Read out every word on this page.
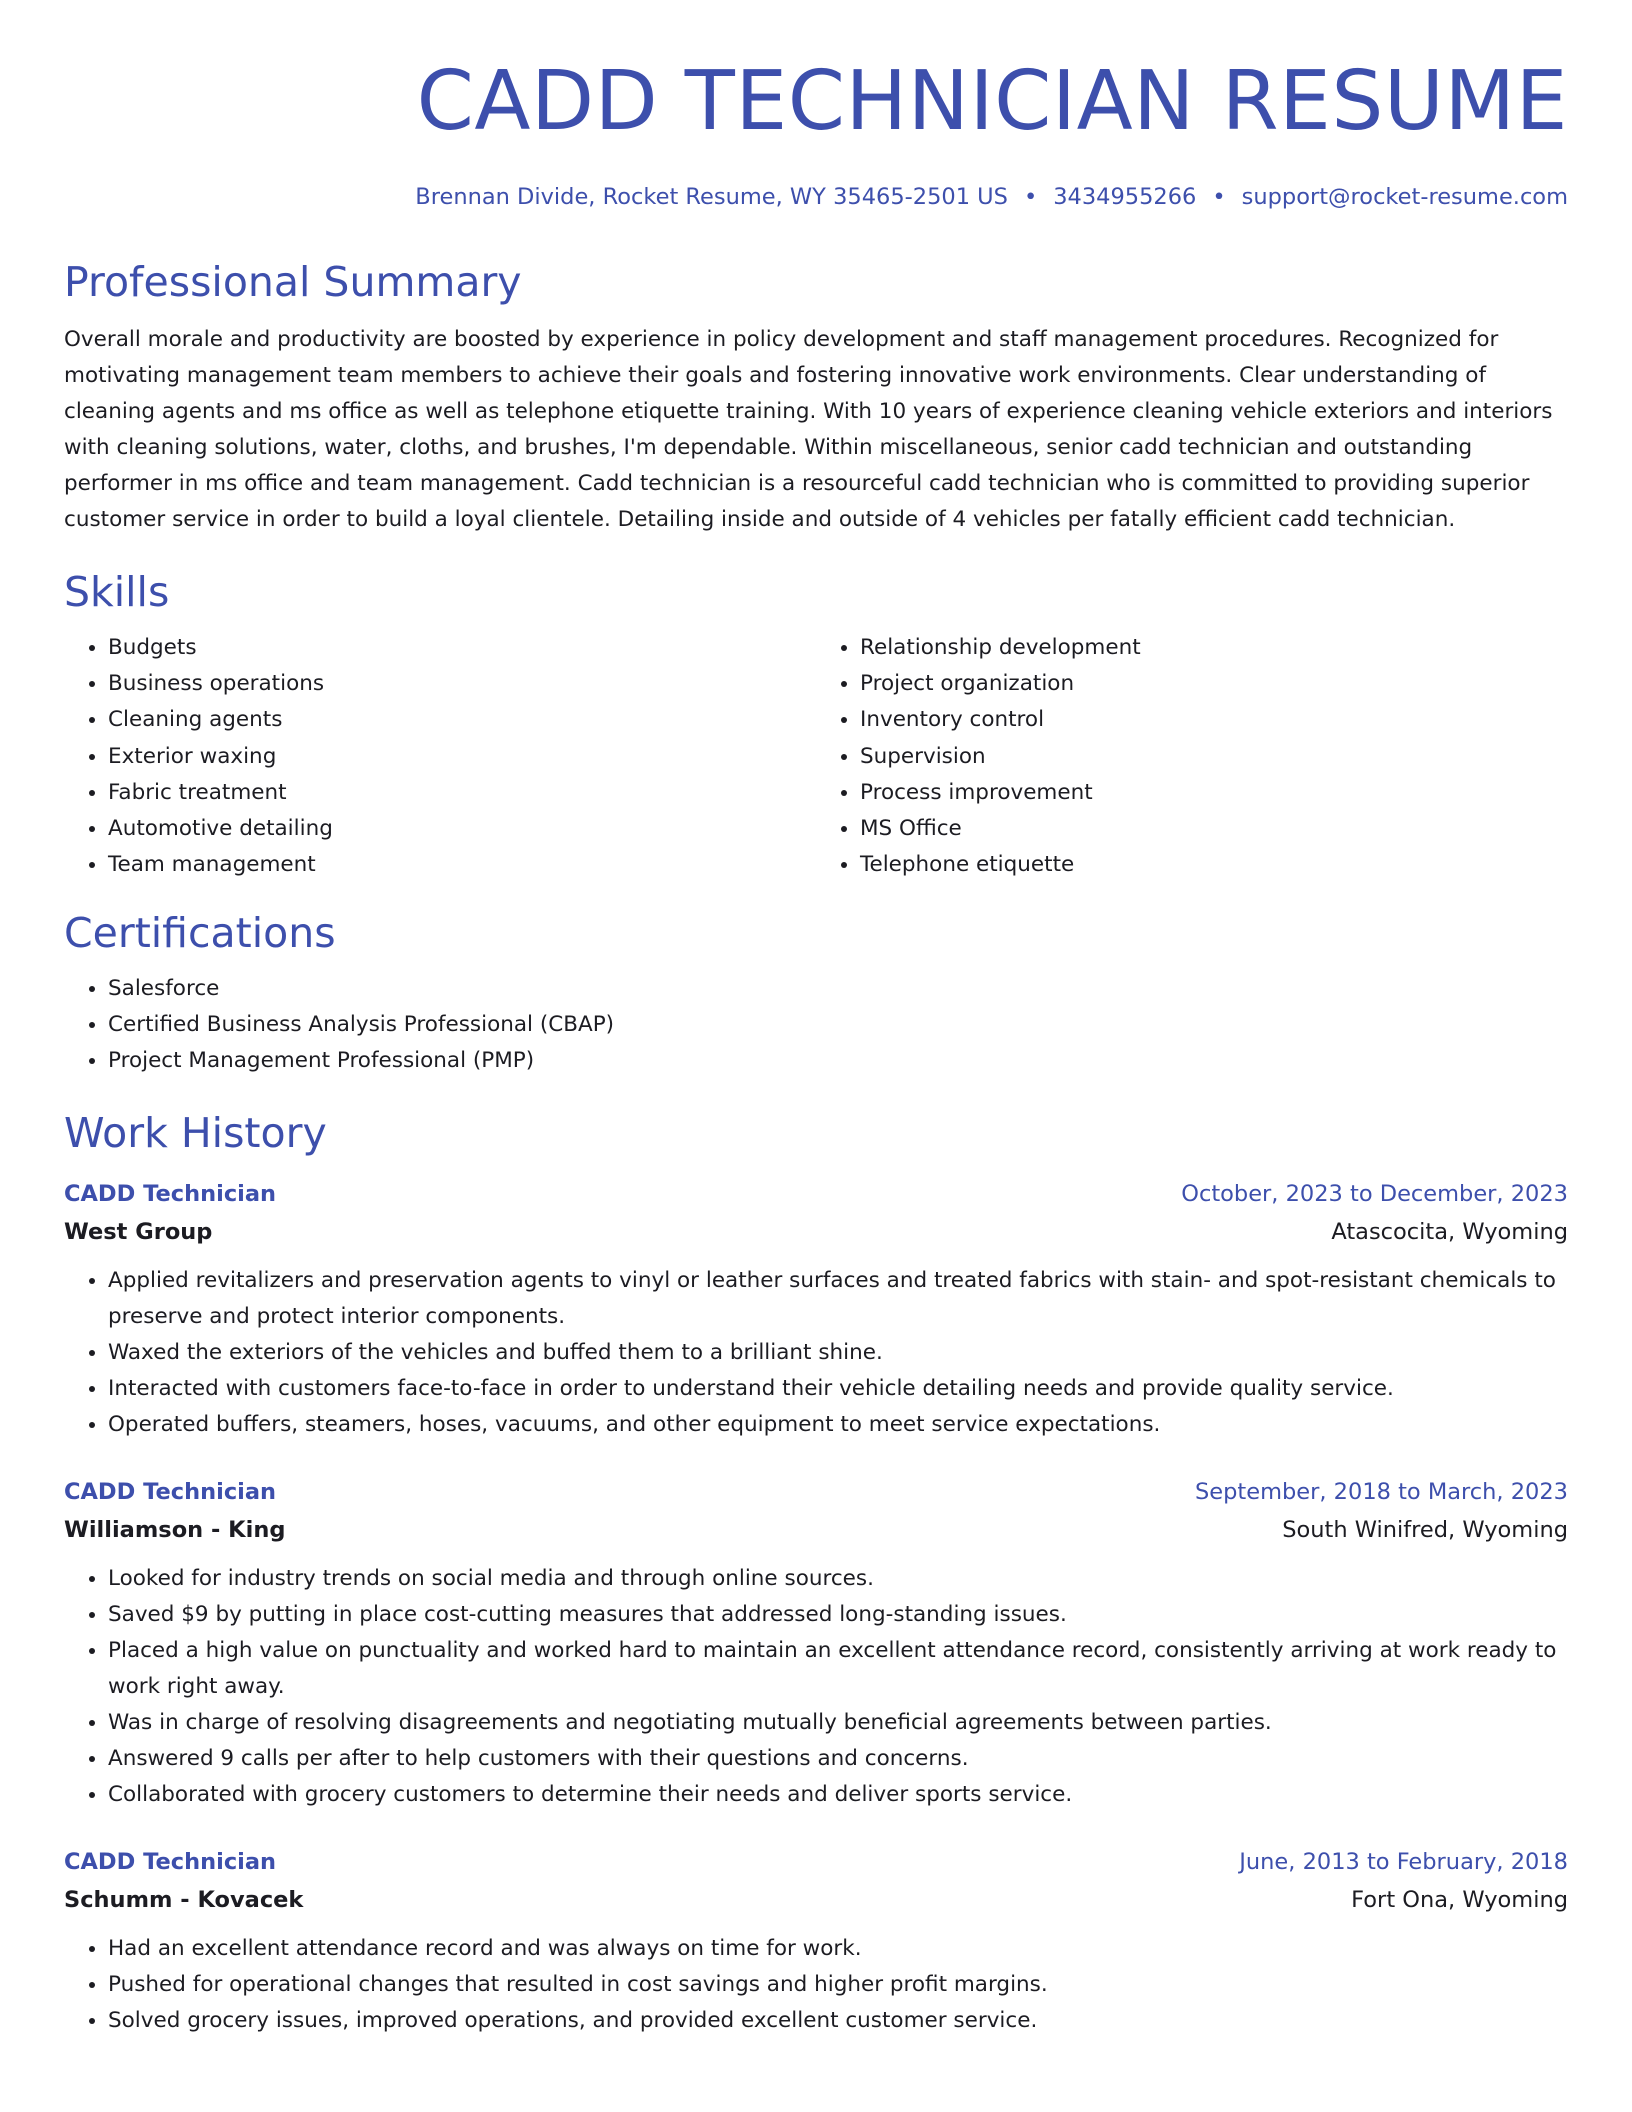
CADD TECHNICIAN RESUME
Brennan Divide, Rocket Resume, WY 35465-2501 US • 3434955266 • support@rocket-resume.com
Professional Summary

Overall morale and productivity are boosted by experience in policy development and staff management procedures. Recognized for motivating management team members to achieve their goals and fostering innovative work environments. Clear understanding of cleaning agents and ms office as well as telephone etiquette training. With 10 years of experience cleaning vehicle exteriors and interiors with cleaning solutions, water, cloths, and brushes, I'm dependable. Within miscellaneous, senior cadd technician and outstanding performer in ms office and team management. Cadd technician is a resourceful cadd technician who is committed to providing superior customer service in order to build a loyal clientele. Detailing inside and outside of 4 vehicles per fatally efficient cadd technician.

Skills
• Budgets
• Business operations
• Cleaning agents
• Exterior waxing
• Fabric treatment
• Automotive detailing
• Team management
• Relationship development
• Project organization
• Inventory control
• Supervision
• Process improvement
• MS Office
• Telephone etiquette
Certifications
• Salesforce
• Certified Business Analysis Professional (CBAP)
• Project Management Professional (PMP)
Work History
CADD Technician	October, 2023 to December, 2023
West Group	Atascocita, Wyoming
• Applied revitalizers and preservation agents to vinyl or leather surfaces and treated fabrics with stain- and spot-resistant chemicals to preserve and protect interior components.
• Waxed the exteriors of the vehicles and buffed them to a brilliant shine.
• Interacted with customers face-to-face in order to understand their vehicle detailing needs and provide quality service.
• Operated buffers, steamers, hoses, vacuums, and other equipment to meet service expectations.
CADD Technician	September, 2018 to March, 2023
Williamson - King	South Winifred, Wyoming
• Looked for industry trends on social media and through online sources.
• Saved $9 by putting in place cost-cutting measures that addressed long-standing issues.
• Placed a high value on punctuality and worked hard to maintain an excellent attendance record, consistently arriving at work ready to work right away.
• Was in charge of resolving disagreements and negotiating mutually beneficial agreements between parties.
• Answered 9 calls per after to help customers with their questions and concerns.
• Collaborated with grocery customers to determine their needs and deliver sports service.
CADD Technician	June, 2013 to February, 2018
Schumm - Kovacek	Fort Ona, Wyoming
• Had an excellent attendance record and was always on time for work.
• Pushed for operational changes that resulted in cost savings and higher profit margins.
• Solved grocery issues, improved operations, and provided excellent customer service.
